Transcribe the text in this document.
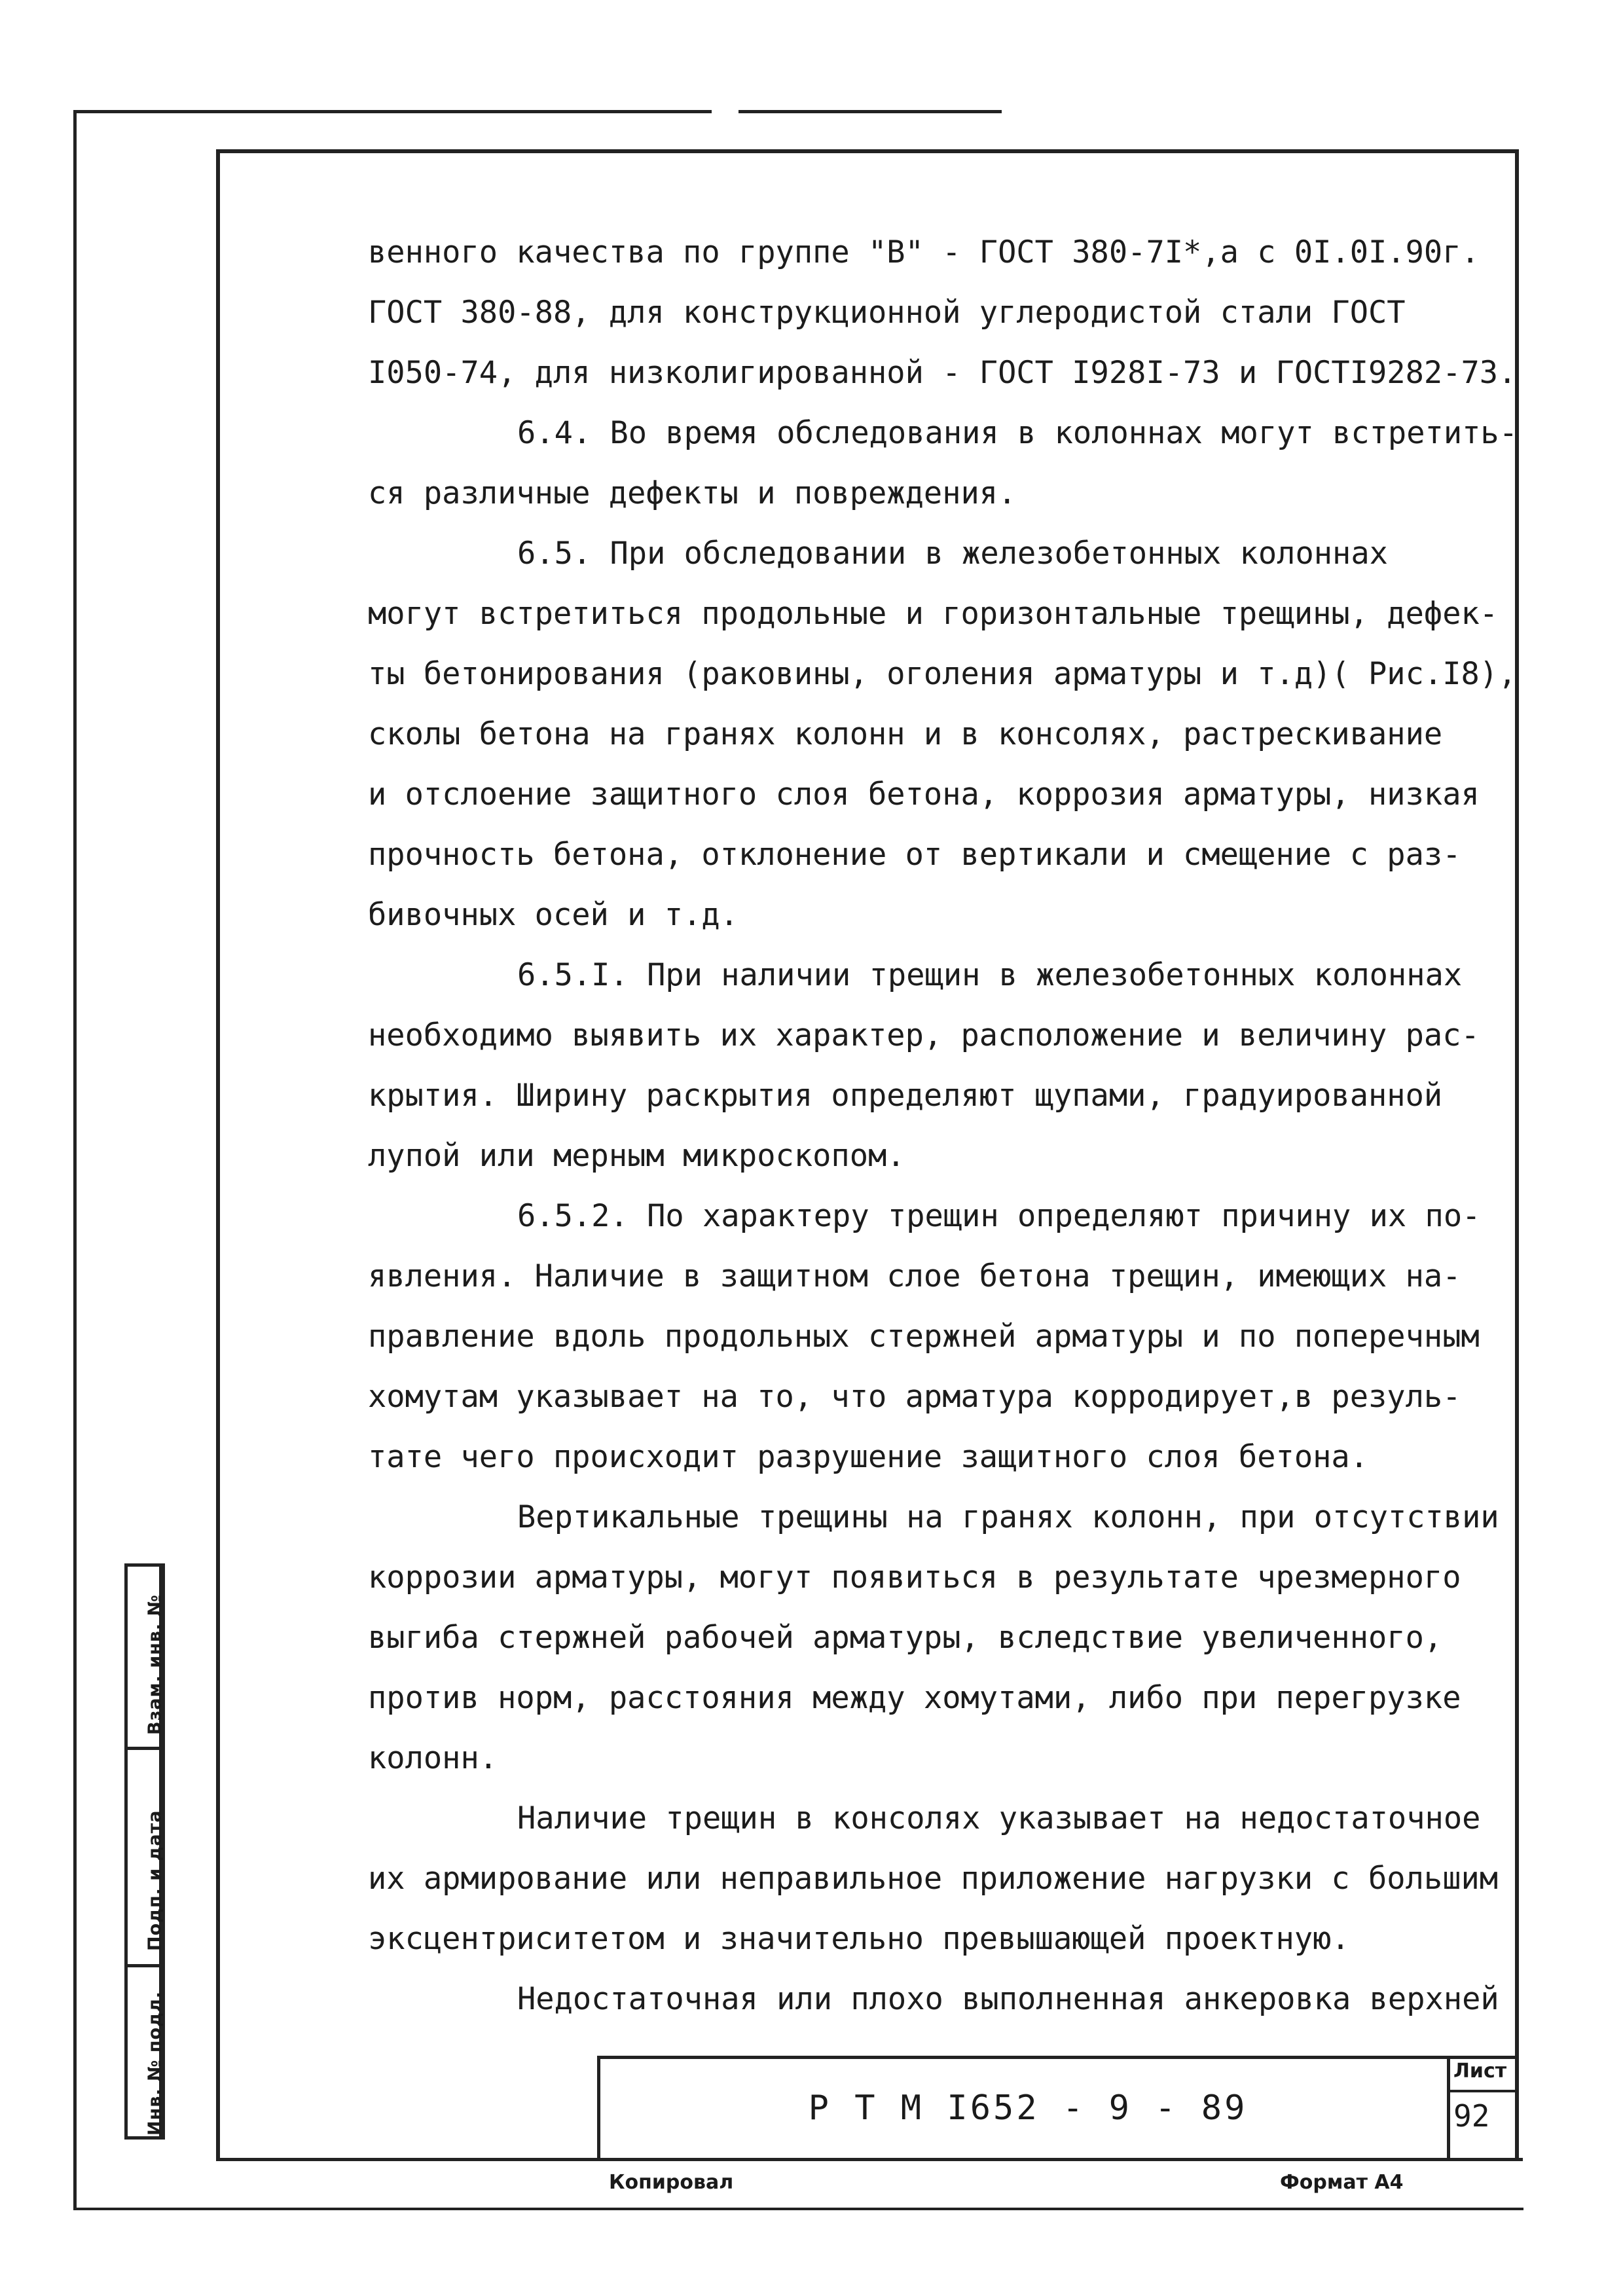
венного качества по группе "В" - ГОСТ 380-7I*,а с 0I.0I.90г.
ГОСТ 380-88, для конструкционной углеродистой стали ГОСТ
I050-74, для низколигированной - ГОСТ I928I-73 и ГОСТI9282-73.
6.4. Во время обследования в колоннах могут встретить-
ся различные дефекты и повреждения.
6.5. При обследовании в железобетонных колоннах
могут встретиться продольные и горизонтальные трещины, дефек-
ты бетонирования (раковины, оголения арматуры и т.д)( Рис.I8),
сколы бетона на гранях колонн и в консолях, растрескивание
и отслоение защитного слоя бетона, коррозия арматуры, низкая
прочность бетона, отклонение от вертикали и смещение с раз-
бивочных осей и т.д.
6.5.I. При наличии трещин в железобетонных колоннах
необходимо выявить их характер, расположение и величину рас-
крытия. Ширину раскрытия определяют щупами, градуированной
лупой или мерным микроскопом.
6.5.2. По характеру трещин определяют причину их по-
явления. Наличие в защитном слое бетона трещин, имеющих на-
правление вдоль продольных стержней арматуры и по поперечным
хомутам указывает на то, что арматура корродирует,в резуль-
тате чего происходит разрушение защитного слоя бетона.
Вертикальные трещины на гранях колонн, при отсутствии
коррозии арматуры, могут появиться в результате чрезмерного
выгиба стержней рабочей арматуры, вследствие увеличенного,
против норм, расстояния между хомутами, либо при перегрузке
колонн.
Наличие трещин в консолях указывает на недостаточное
их армирование или неправильное приложение нагрузки с большим
эксцентриситетом и значительно превышающей проектную.
Недостаточная или плохо выполненная анкеровка верхней
Взам. инв. №
Подп. и дата
Инв. № подл.	Р Т М I652 - 9 - 89
Лист
92
Копировал	Формат А4
